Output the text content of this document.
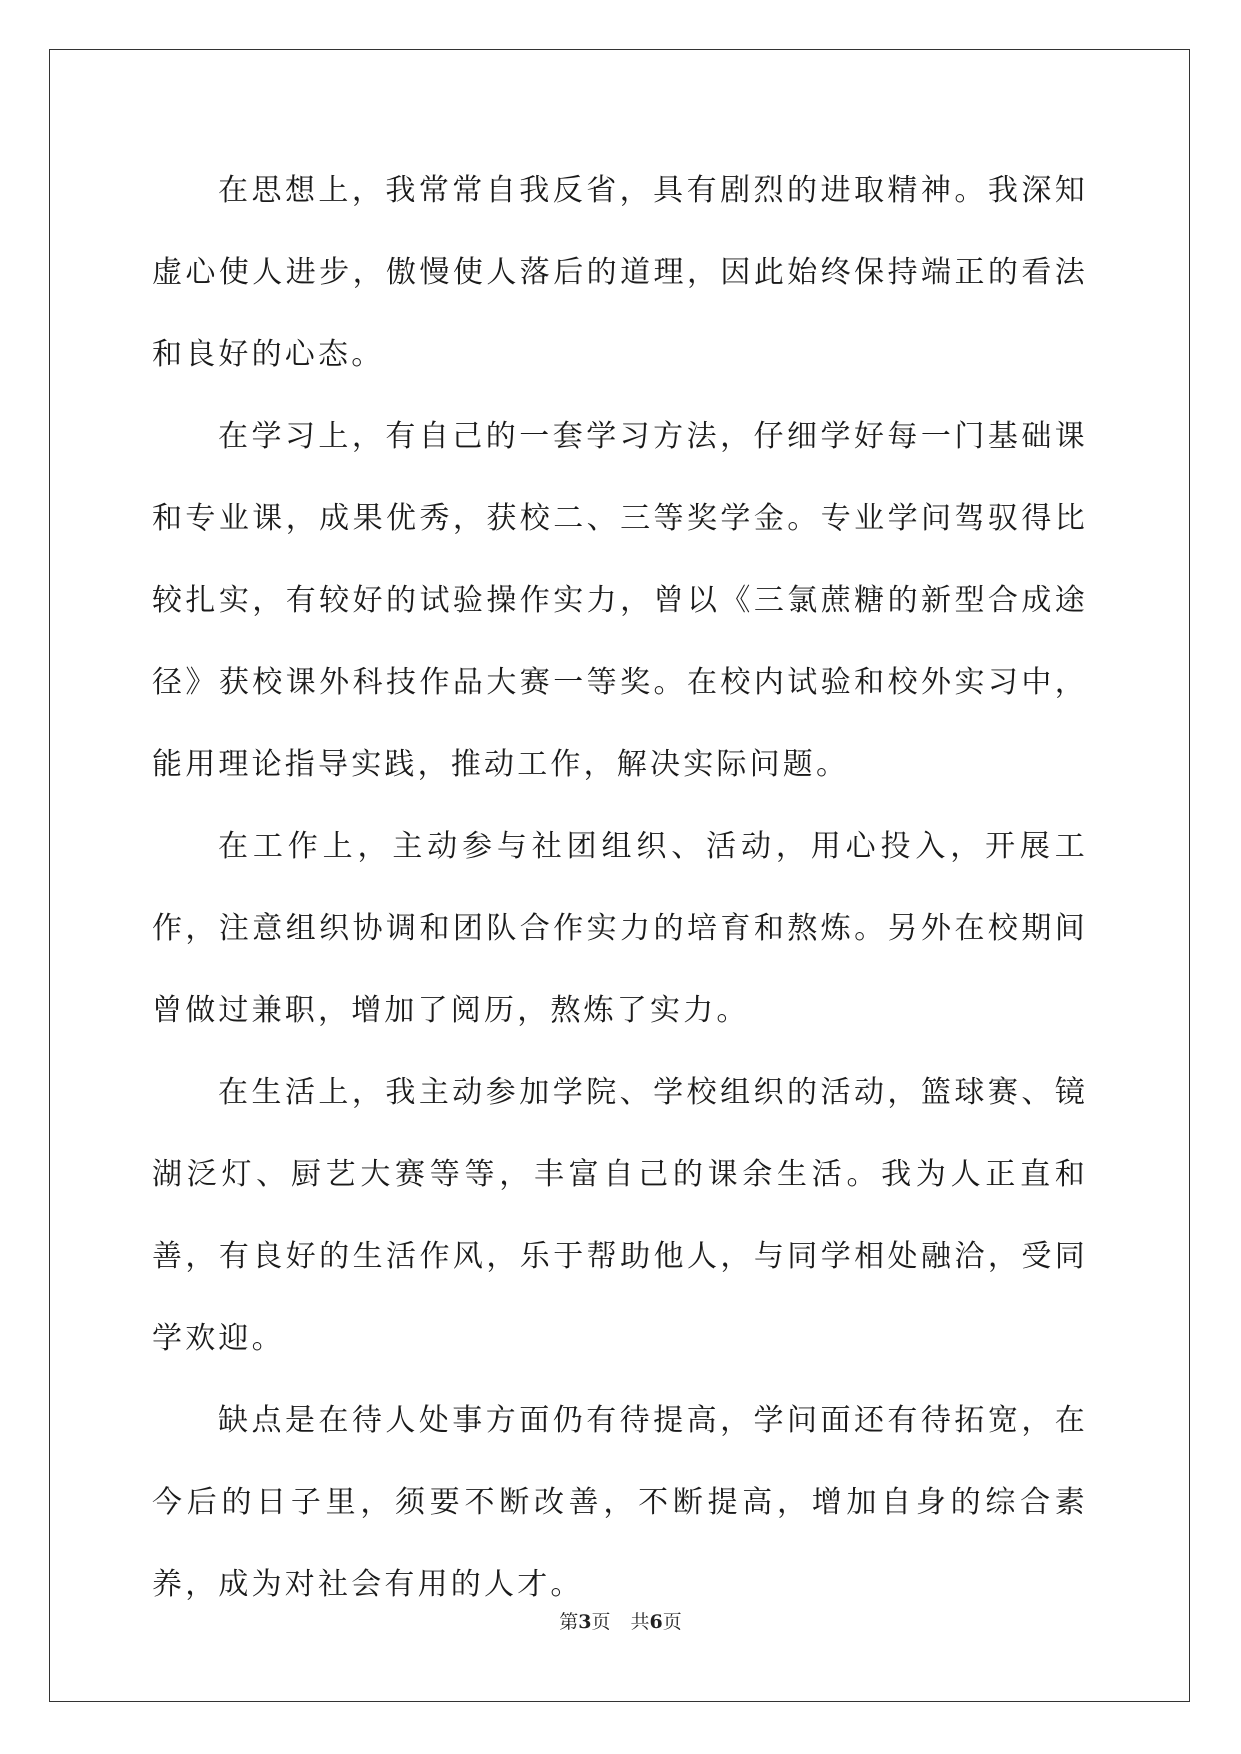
在思想上，我常常自我反省，具有剧烈的进取精神。我深知虚心使人进步，傲慢使人落后的道理，因此始终保持端正的看法和良好的心态。

在学习上，有自己的一套学习方法，仔细学好每一门基础课和专业课，成果优秀，获校二、三等奖学金。专业学问驾驭得比较扎实，有较好的试验操作实力，曾以《三氯蔗糖的新型合成途径》获校课外科技作品大赛一等奖。在校内试验和校外实习中，能用理论指导实践，推动工作，解决实际问题。

在工作上，主动参与社团组织、活动，用心投入，开展工作，注意组织协调和团队合作实力的培育和熬炼。另外在校期间曾做过兼职，增加了阅历，熬炼了实力。

在生活上，我主动参加学院、学校组织的活动，篮球赛、镜湖泛灯、厨艺大赛等等，丰富自己的课余生活。我为人正直和善，有良好的生活作风，乐于帮助他人，与同学相处融洽，受同学欢迎。

缺点是在待人处事方面仍有待提高，学问面还有待拓宽，在今后的日子里，须要不断改善，不断提高，增加自身的综合素养，成为对社会有用的人才。

第3页 共6页
